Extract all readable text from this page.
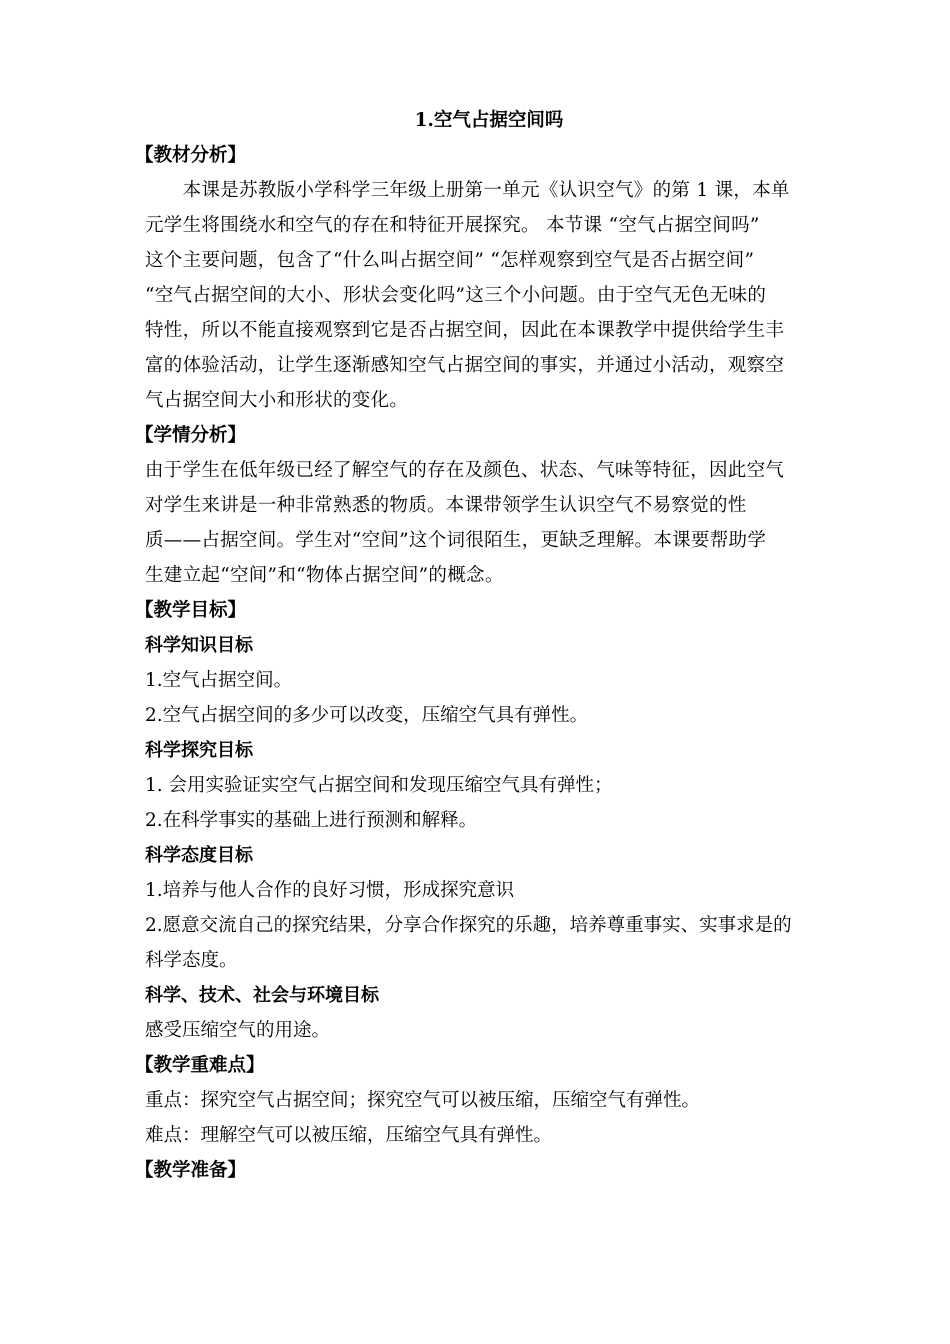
1.空气占据空间吗
【教材分析】
　　本课是苏教版小学科学三年级上册第一单元《认识空气》的第 1 课，本单
元学生将围绕水和空气的存在和特征开展探究。 本节课 “空气占据空间吗”
这个主要问题，包含了“什么叫占据空间” “怎样观察到空气是否占据空间”
“空气占据空间的大小、形状会变化吗”这三个小问题。由于空气无色无味的
特性，所以不能直接观察到它是否占据空间，因此在本课教学中提供给学生丰
富的体验活动，让学生逐渐感知空气占据空间的事实，并通过小活动，观察空
气占据空间大小和形状的变化。
【学情分析】
由于学生在低年级已经了解空气的存在及颜色、状态、气味等特征，因此空气
对学生来讲是一种非常熟悉的物质。本课带领学生认识空气不易察觉的性
质——占据空间。学生对“空间”这个词很陌生，更缺乏理解。本课要帮助学
生建立起“空间”和“物体占据空间”的概念。
【教学目标】
科学知识目标
1.空气占据空间。
2.空气占据空间的多少可以改变，压缩空气具有弹性。
科学探究目标
1. 会用实验证实空气占据空间和发现压缩空气具有弹性；
2.在科学事实的基础上进行预测和解释。
科学态度目标
1.培养与他人合作的良好习惯，形成探究意识
2.愿意交流自己的探究结果，分享合作探究的乐趣，培养尊重事实、实事求是的
科学态度。
科学、技术、社会与环境目标
感受压缩空气的用途。
【教学重难点】
重点：探究空气占据空间；探究空气可以被压缩，压缩空气有弹性。
难点：理解空气可以被压缩，压缩空气具有弹性。
【教学准备】
